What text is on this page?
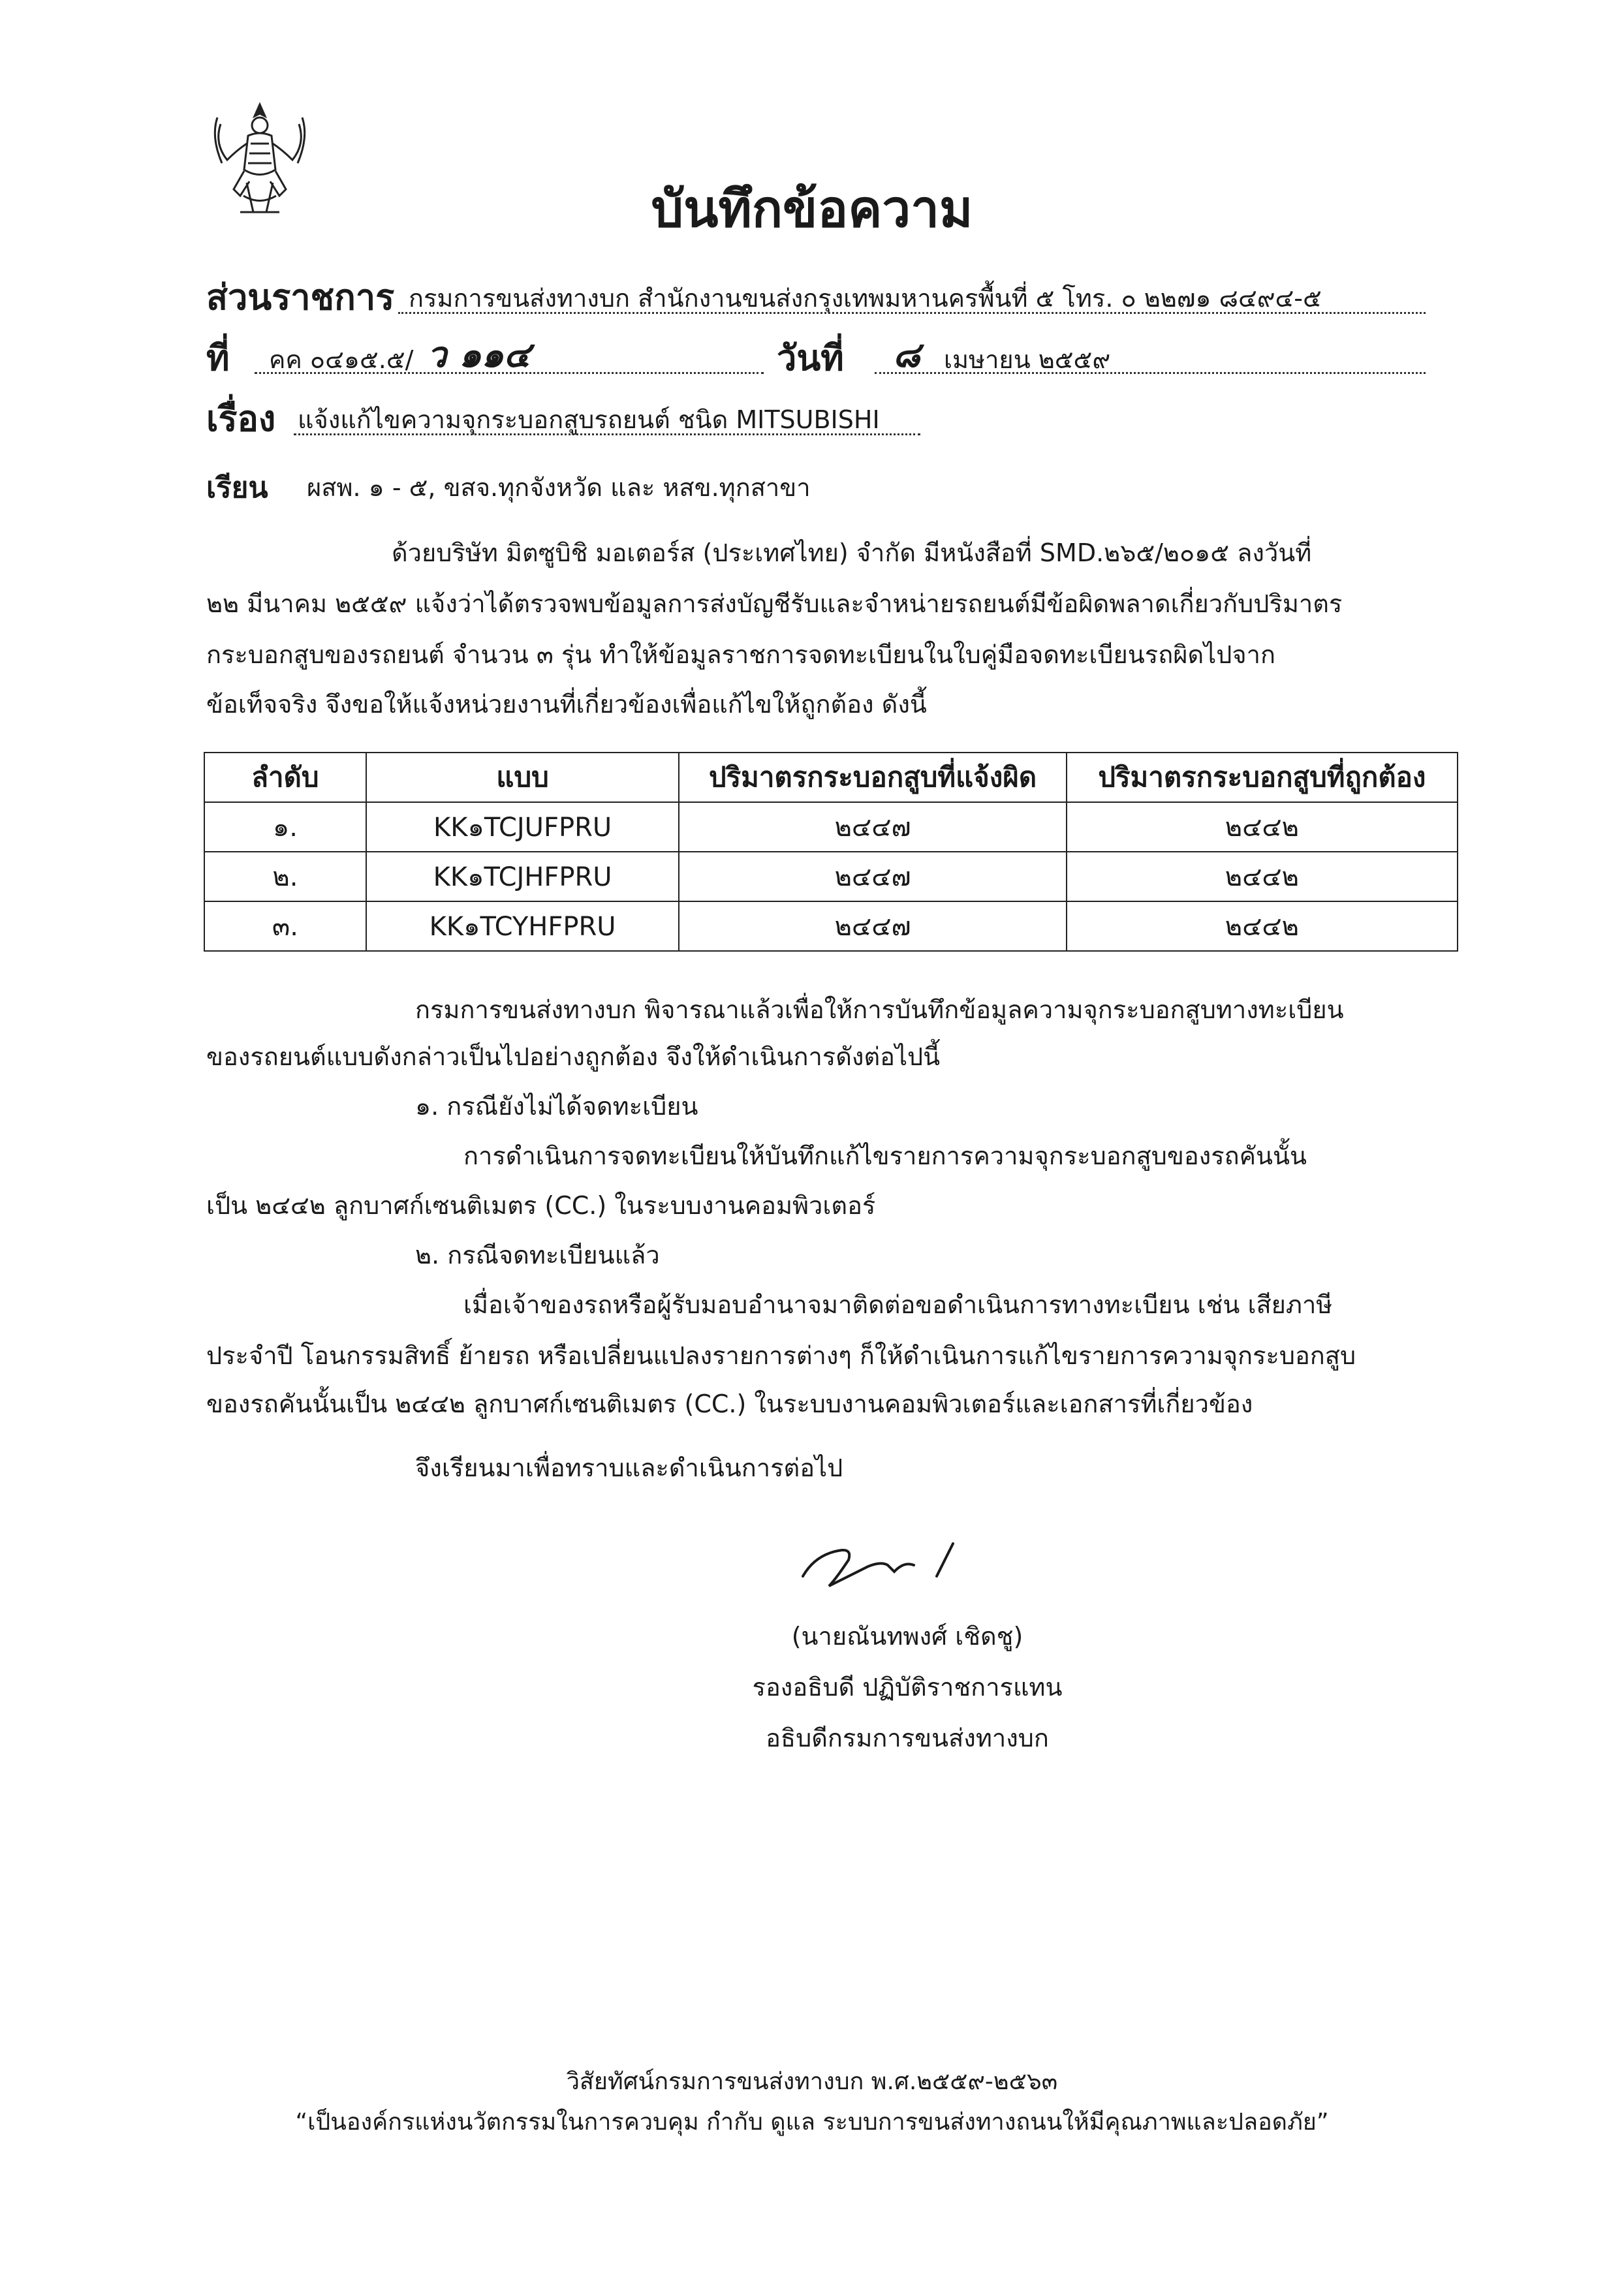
บันทึกข้อความ
ส่วนราชการ กรมการขนส่งทางบก สำนักงานขนส่งกรุงเทพมหานครพื้นที่ ๕ โทร. ๐ ๒๒๗๑ ๘๔๙๔-๕
ที่ คค ๐๔๑๕.๕/ ว ๑๑๔	วันที่ ๘ เมษายน ๒๕๕๙
เรื่อง แจ้งแก้ไขความจุกระบอกสูบรถยนต์ ชนิด MITSUBISHI
เรียน ผสพ. ๑ - ๕, ขสจ.ทุกจังหวัด และ หสข.ทุกสาขา
ด้วยบริษัท มิตซูบิชิ มอเตอร์ส (ประเทศไทย) จำกัด มีหนังสือที่ SMD.๒๖๕/๒๐๑๕ ลงวันที่
๒๒ มีนาคม ๒๕๕๙ แจ้งว่าได้ตรวจพบข้อมูลการส่งบัญชีรับและจำหน่ายรถยนต์มีข้อผิดพลาดเกี่ยวกับปริมาตร
กระบอกสูบของรถยนต์ จำนวน ๓ รุ่น ทำให้ข้อมูลราชการจดทะเบียนในใบคู่มือจดทะเบียนรถผิดไปจาก
ข้อเท็จจริง จึงขอให้แจ้งหน่วยงานที่เกี่ยวข้องเพื่อแก้ไขให้ถูกต้อง ดังนี้
ลำดับ	แบบ	ปริมาตรกระบอกสูบที่แจ้งผิด	ปริมาตรกระบอกสูบที่ถูกต้อง
๑.	KK๑TCJUFPRU	๒๔๔๗	๒๔๔๒
๒.	KK๑TCJHFPRU	๒๔๔๗	๒๔๔๒
๓.	KK๑TCYHFPRU	๒๔๔๗	๒๔๔๒
กรมการขนส่งทางบก พิจารณาแล้วเพื่อให้การบันทึกข้อมูลความจุกระบอกสูบทางทะเบียน
ของรถยนต์แบบดังกล่าวเป็นไปอย่างถูกต้อง จึงให้ดำเนินการดังต่อไปนี้
๑. กรณียังไม่ได้จดทะเบียน
การดำเนินการจดทะเบียนให้บันทึกแก้ไขรายการความจุกระบอกสูบของรถคันนั้น
เป็น ๒๔๔๒ ลูกบาศก์เซนติเมตร (CC.) ในระบบงานคอมพิวเตอร์
๒. กรณีจดทะเบียนแล้ว
เมื่อเจ้าของรถหรือผู้รับมอบอำนาจมาติดต่อขอดำเนินการทางทะเบียน เช่น เสียภาษี
ประจำปี โอนกรรมสิทธิ์ ย้ายรถ หรือเปลี่ยนแปลงรายการต่างๆ ก็ให้ดำเนินการแก้ไขรายการความจุกระบอกสูบ
ของรถคันนั้นเป็น ๒๔๔๒ ลูกบาศก์เซนติเมตร (CC.) ในระบบงานคอมพิวเตอร์และเอกสารที่เกี่ยวข้อง
จึงเรียนมาเพื่อทราบและดำเนินการต่อไป
(นายณันทพงศ์ เชิดชู)
รองอธิบดี ปฏิบัติราชการแทน
อธิบดีกรมการขนส่งทางบก
วิสัยทัศน์กรมการขนส่งทางบก พ.ศ.๒๕๕๙-๒๕๖๓
“เป็นองค์กรแห่งนวัตกรรมในการควบคุม กำกับ ดูแล ระบบการขนส่งทางถนนให้มีคุณภาพและปลอดภัย”
